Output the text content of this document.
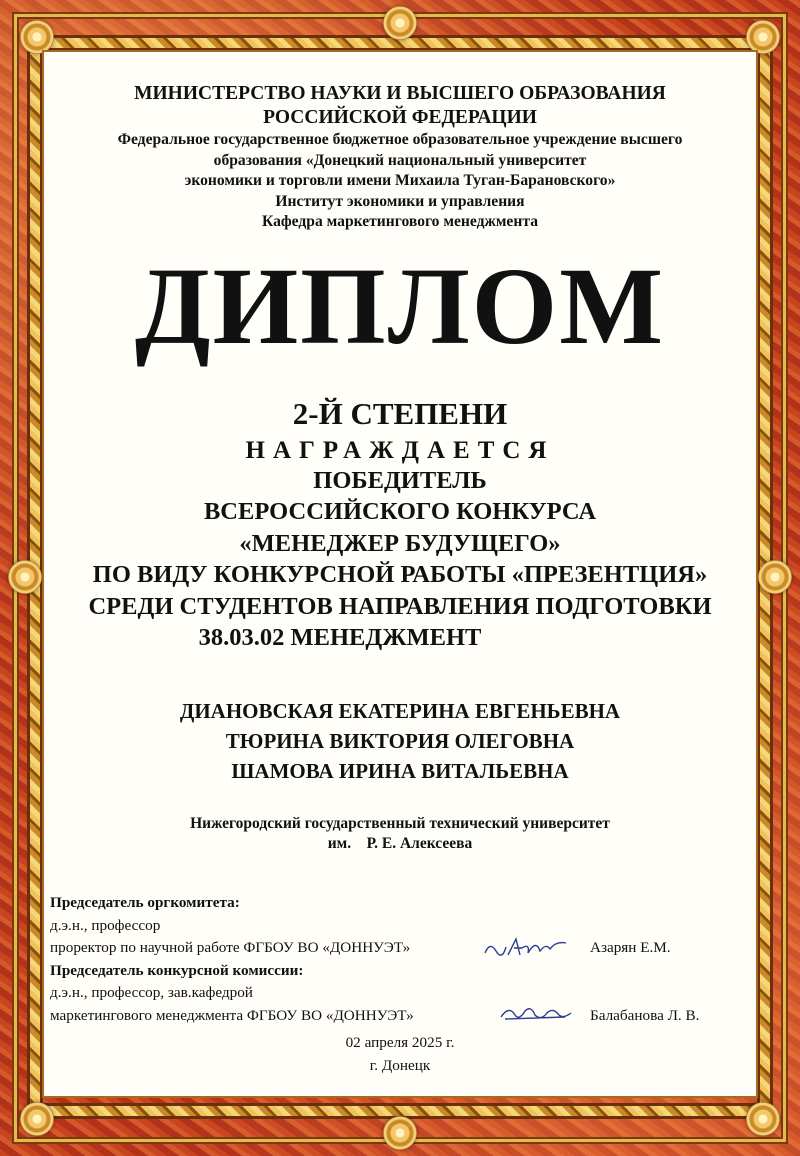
МИНИСТЕРСТВО НАУКИ И ВЫСШЕГО ОБРАЗОВАНИЯ
РОССИЙСКОЙ ФЕДЕРАЦИИ
Федеральное государственное бюджетное образовательное учреждение высшего
образования «Донецкий национальный университет
экономики и торговли имени Михаила Туган-Барановского»
Институт экономики и управления
Кафедра маркетингового менеджмента
ДИПЛОМ
2-Й СТЕПЕНИ
НАГРАЖДАЕТСЯ
ПОБЕДИТЕЛЬ
ВСЕРОССИЙСКОГО КОНКУРСА
«МЕНЕДЖЕР БУДУЩЕГО»
ПО ВИДУ КОНКУРСНОЙ РАБОТЫ «ПРЕЗЕНТЦИЯ»
СРЕДИ СТУДЕНТОВ НАПРАВЛЕНИЯ ПОДГОТОВКИ
38.03.02 МЕНЕДЖМЕНТ
ДИАНОВСКАЯ ЕКАТЕРИНА ЕВГЕНЬЕВНА
ТЮРИНА ВИКТОРИЯ ОЛЕГОВНА
ШАМОВА ИРИНА ВИТАЛЬЕВНА
Нижегородский государственный технический университет
им.    Р. Е. Алексеева
Председатель оргкомитета:
д.э.н., профессор
проректор по научной работе ФГБОУ ВО «ДОННУЭТ»	Азарян Е.М.
Председатель конкурсной комиссии:
д.э.н., профессор, зав.кафедрой
маркетингового менеджмента ФГБОУ ВО «ДОННУЭТ»	Балабанова Л. В.
02 апреля 2025 г.
г. Донецк
